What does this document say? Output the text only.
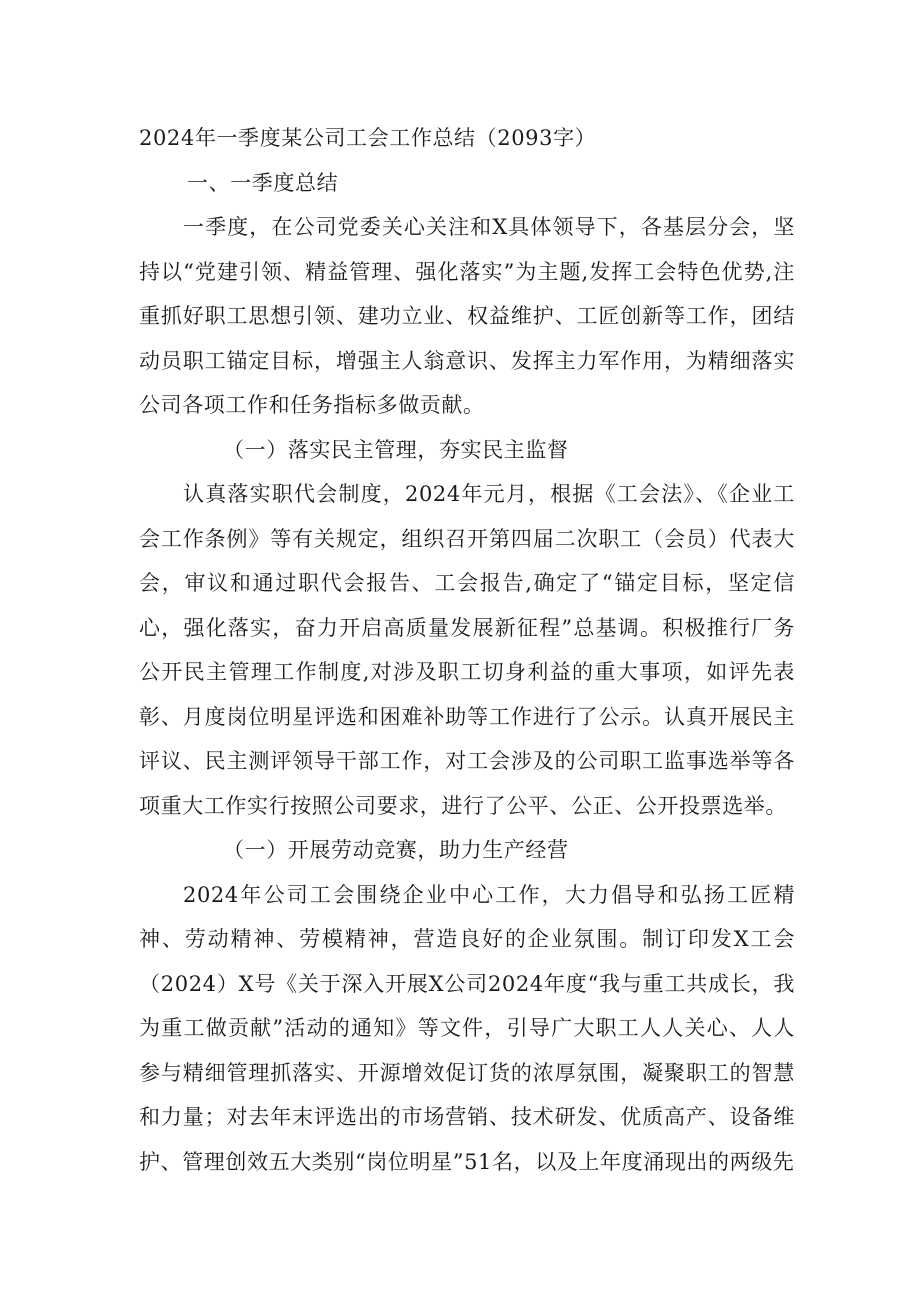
2024年一季度某公司工会工作总结（2093字）

一、一季度总结

一季度，在公司党委关心关注和X具体领导下，各基层分会，坚持以“党建引领、精益管理、强化落实”为主题,发挥工会特色优势,注重抓好职工思想引领、建功立业、权益维护、工匠创新等工作，团结动员职工锚定目标，增强主人翁意识、发挥主力军作用，为精细落实公司各项工作和任务指标多做贡献。

（一）落实民主管理，夯实民主监督

认真落实职代会制度，2024年元月，根据《工会法》、《企业工会工作条例》等有关规定，组织召开第四届二次职工（会员）代表大会，审议和通过职代会报告、工会报告,确定了“锚定目标，坚定信心，强化落实，奋力开启高质量发展新征程”总基调。积极推行厂务公开民主管理工作制度,对涉及职工切身利益的重大事项，如评先表彰、月度岗位明星评选和困难补助等工作进行了公示。认真开展民主评议、民主测评领导干部工作，对工会涉及的公司职工监事选举等各项重大工作实行按照公司要求，进行了公平、公正、公开投票选举。

（一）开展劳动竞赛，助力生产经营

2024年公司工会围绕企业中心工作，大力倡导和弘扬工匠精神、劳动精神、劳模精神，营造良好的企业氛围。制订印发X工会（2024）X号《关于深入开展X公司2024年度“我与重工共成长，我为重工做贡献”活动的通知》等文件，引导广大职工人人关心、人人参与精细管理抓落实、开源增效促订货的浓厚氛围，凝聚职工的智慧和力量；对去年末评选出的市场营销、技术研发、优质高产、设备维护、管理创效五大类别“岗位明星”51名，以及上年度涌现出的两级先
